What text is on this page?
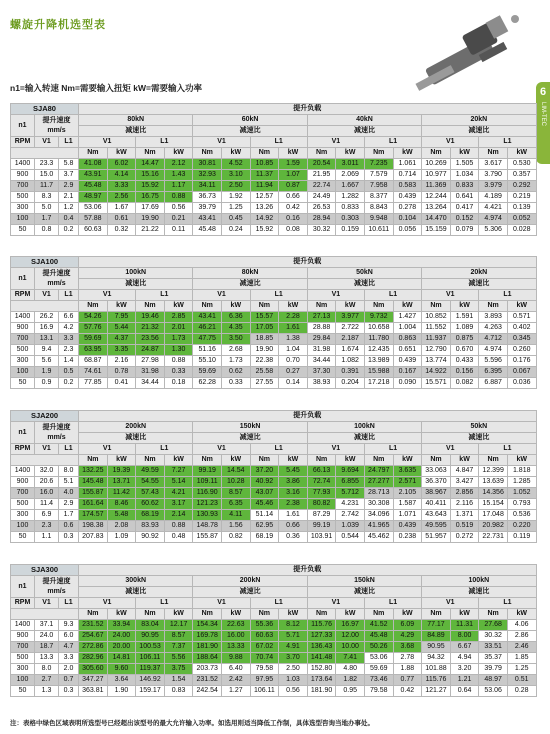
螺旋升降机选型表
n1=输入转速 Nm=需要输入扭矩 kW=需要输入功率	6
LIM-TEC
SJA80			提升负载															
n1	提升速度
mm/s		80kN				60kN				40kN				20kN			
			减速比				减速比				减速比				减速比			
RPM	V1	L1	V1		L1		V1		L1		V1		L1		V1		L1	
			Nm	kW	Nm	kW	Nm	kW	Nm	kW	Nm	kW	Nm	kW	Nm	kW	Nm	kW
1400	23.3	5.8	41.08	6.02	14.47	2.12	30.81	4.52	10.85	1.59	20.54	3.011	7.235	1.061	10.269	1.505	3.617	0.530
900	15.0	3.7	43.91	4.14	15.16	1.43	32.93	3.10	11.37	1.07	21.95	2.069	7.579	0.714	10.977	1.034	3.790	0.357
700	11.7	2.9	45.48	3.33	15.92	1.17	34.11	2.50	11.94	0.87	22.74	1.667	7.958	0.583	11.369	0.833	3.979	0.292
500	8.3	2.1	48.97	2.56	16.75	0.88	36.73	1.92	12.57	0.66	24.49	1.282	8.377	0.439	12.244	0.641	4.189	0.219
300	5.0	1.2	53.06	1.67	17.69	0.56	39.79	1.25	13.26	0.42	26.53	0.833	8.843	0.278	13.264	0.417	4.421	0.139
100	1.7	0.4	57.88	0.61	19.90	0.21	43.41	0.45	14.92	0.16	28.94	0.303	9.948	0.104	14.470	0.152	4.974	0.052
50	0.8	0.2	60.63	0.32	21.22	0.11	45.48	0.24	15.92	0.08	30.32	0.159	10.611	0.056	15.159	0.079	5.306	0.028
SJA100			提升负载															
n1	提升速度
mm/s		100kN				80kN				50kN				20kN			
			减速比				减速比				减速比				减速比			
RPM	V1	L1	V1		L1		V1		L1		V1		L1		V1		L1	
			Nm	kW	Nm	kW	Nm	kW	Nm	kW	Nm	kW	Nm	kW	Nm	kW	Nm	kW
1400	26.2	6.6	54.26	7.95	19.46	2.85	43.41	6.36	15.57	2.28	27.13	3.977	9.732	1.427	10.852	1.591	3.893	0.571
900	16.9	4.2	57.76	5.44	21.32	2.01	46.21	4.35	17.05	1.61	28.88	2.722	10.658	1.004	11.552	1.089	4.263	0.402
700	13.1	3.3	59.69	4.37	23.56	1.73	47.75	3.50	18.85	1.38	29.84	2.187	11.780	0.863	11.937	0.875	4.712	0.345
500	9.4	2.3	63.95	3.35	24.87	1.30	51.16	2.68	19.90	1.04	31.98	1.674	12.435	0.651	12.790	0.670	4.974	0.260
300	5.6	1.4	68.87	2.16	27.98	0.88	55.10	1.73	22.38	0.70	34.44	1.082	13.989	0.439	13.774	0.433	5.596	0.176
100	1.9	0.5	74.61	0.78	31.98	0.33	59.69	0.62	25.58	0.27	37.30	0.391	15.988	0.167	14.922	0.156	6.395	0.067
50	0.9	0.2	77.85	0.41	34.44	0.18	62.28	0.33	27.55	0.14	38.93	0.204	17.218	0.090	15.571	0.082	6.887	0.036
SJA200			提升负载															
n1	提升速度
mm/s		200kN				150kN				100kN				50kN			
			减速比				减速比				减速比				减速比			
RPM	V1	L1	V1		L1		V1		L1		V1		L1		V1		L1	
			Nm	kW	Nm	kW	Nm	kW	Nm	kW	Nm	kW	Nm	kW	Nm	kW	Nm	kW
1400	32.0	8.0	132.25	19.39	49.59	7.27	99.19	14.54	37.20	5.45	66.13	9.694	24.797	3.635	33.063	4.847	12.399	1.818
900	20.6	5.1	145.48	13.71	54.55	5.14	109.11	10.28	40.92	3.86	72.74	6.855	27.277	2.571	36.370	3.427	13.639	1.285
700	16.0	4.0	155.87	11.42	57.43	4.21	116.90	8.57	43.07	3.16	77.93	5.712	28.713	2.105	38.967	2.856	14.356	1.052
500	11.4	2.9	161.64	8.46	60.62	3.17	121.23	6.35	45.46	2.38	80.82	4.231	30.308	1.587	40.411	2.116	15.154	0.793
300	6.9	1.7	174.57	5.48	68.19	2.14	130.93	4.11	51.14	1.61	87.29	2.742	34.096	1.071	43.643	1.371	17.048	0.536
100	2.3	0.6	198.38	2.08	83.93	0.88	148.78	1.56	62.95	0.66	99.19	1.039	41.965	0.439	49.595	0.519	20.982	0.220
50	1.1	0.3	207.83	1.09	90.92	0.48	155.87	0.82	68.19	0.36	103.91	0.544	45.462	0.238	51.957	0.272	22.731	0.119
SJA300			提升负载															
n1	提升速度
mm/s		300kN				200kN				150kN				100kN			
			减速比				减速比				减速比				减速比			
RPM	V1	L1	V1		L1		V1		L1		V1		L1		V1		L1	
			Nm	kW	Nm	kW	Nm	kW	Nm	kW	Nm	kW	Nm	kW	Nm	kW	Nm	kW
1400	37.1	9.3	231.52	33.94	83.04	12.17	154.34	22.63	55.36	8.12	115.76	16.97	41.52	6.09	77.17	11.31	27.68	4.06
900	24.0	6.0	254.67	24.00	90.95	8.57	169.78	16.00	60.63	5.71	127.33	12.00	45.48	4.29	84.89	8.00	30.32	2.86
700	18.7	4.7	272.86	20.00	100.53	7.37	181.90	13.33	67.02	4.91	136.43	10.00	50.26	3.68	90.95	6.67	33.51	2.46
500	13.3	3.3	282.96	14.81	106.11	5.56	188.64	9.88	70.74	3.70	141.48	7.41	53.06	2.78	94.32	4.94	35.37	1.85
300	8.0	2.0	305.60	9.60	119.37	3.75	203.73	6.40	79.58	2.50	152.80	4.80	59.69	1.88	101.88	3.20	39.79	1.25
100	2.7	0.7	347.27	3.64	146.92	1.54	231.52	2.42	97.95	1.03	173.64	1.82	73.46	0.77	115.76	1.21	48.97	0.51
50	1.3	0.3	363.81	1.90	159.17	0.83	242.54	1.27	106.11	0.56	181.90	0.95	79.58	0.42	121.27	0.64	53.06	0.28
注：表格中绿色区域表明所选型号已经超出该型号的最大允许输入功率。如选用则适当降低工作制，具体选型咨询当地办事处。
